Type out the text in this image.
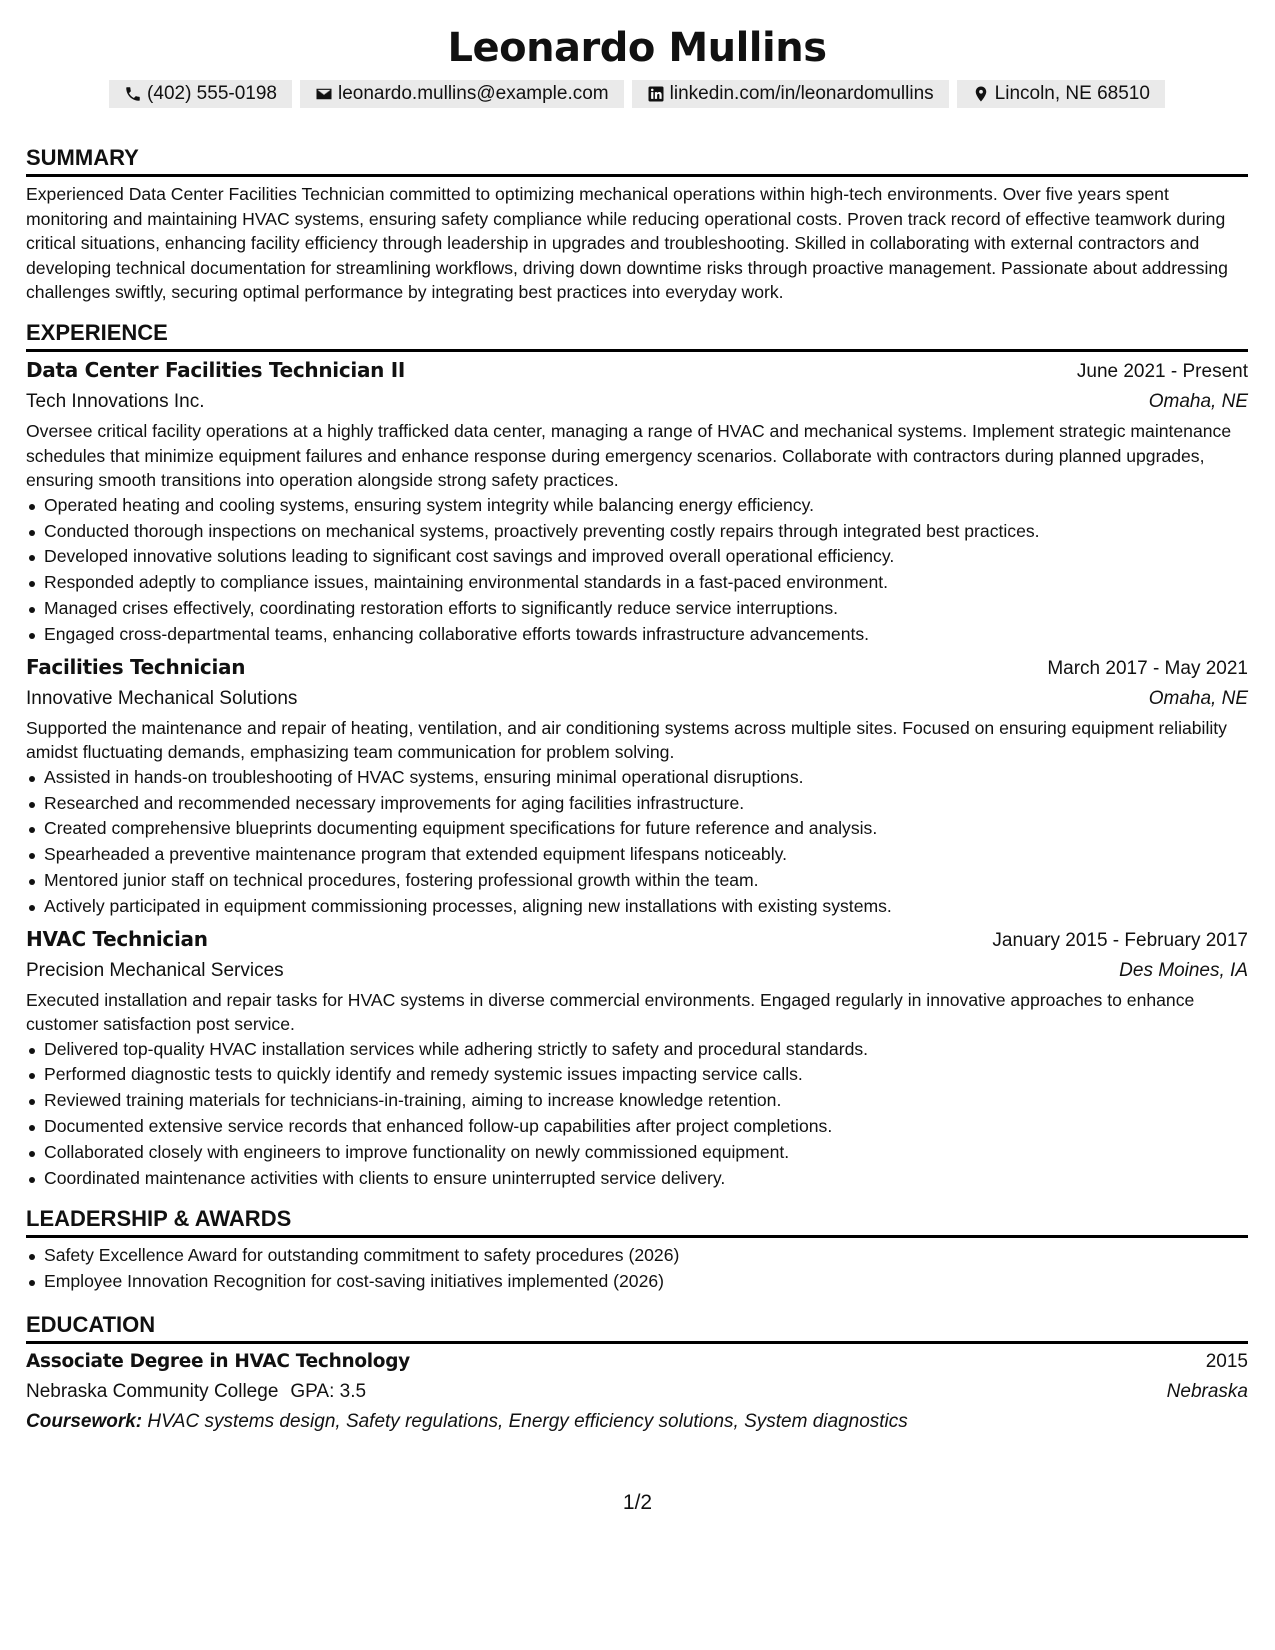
Leonardo Mullins
(402) 555-0198	leonardo.mullins@example.com	linkedin.com/in/leonardomullins	Lincoln, NE 68510
SUMMARY
Experienced Data Center Facilities Technician committed to optimizing mechanical operations within high-tech environments. Over five years spent monitoring and maintaining HVAC systems, ensuring safety compliance while reducing operational costs. Proven track record of effective teamwork during critical situations, enhancing facility efficiency through leadership in upgrades and troubleshooting. Skilled in collaborating with external contractors and developing technical documentation for streamlining workflows, driving down downtime risks through proactive management. Passionate about addressing challenges swiftly, securing optimal performance by integrating best practices into everyday work.
EXPERIENCE
Data Center Facilities Technician II	June 2021 - Present
Tech Innovations Inc.	Omaha, NE
Oversee critical facility operations at a highly trafficked data center, managing a range of HVAC and mechanical systems. Implement strategic maintenance schedules that minimize equipment failures and enhance response during emergency scenarios. Collaborate with contractors during planned upgrades, ensuring smooth transitions into operation alongside strong safety practices.
Operated heating and cooling systems, ensuring system integrity while balancing energy efficiency.
Conducted thorough inspections on mechanical systems, proactively preventing costly repairs through integrated best practices.
Developed innovative solutions leading to significant cost savings and improved overall operational efficiency.
Responded adeptly to compliance issues, maintaining environmental standards in a fast-paced environment.
Managed crises effectively, coordinating restoration efforts to significantly reduce service interruptions.
Engaged cross-departmental teams, enhancing collaborative efforts towards infrastructure advancements.
Facilities Technician	March 2017 - May 2021
Innovative Mechanical Solutions	Omaha, NE
Supported the maintenance and repair of heating, ventilation, and air conditioning systems across multiple sites. Focused on ensuring equipment reliability amidst fluctuating demands, emphasizing team communication for problem solving.
Assisted in hands-on troubleshooting of HVAC systems, ensuring minimal operational disruptions.
Researched and recommended necessary improvements for aging facilities infrastructure.
Created comprehensive blueprints documenting equipment specifications for future reference and analysis.
Spearheaded a preventive maintenance program that extended equipment lifespans noticeably.
Mentored junior staff on technical procedures, fostering professional growth within the team.
Actively participated in equipment commissioning processes, aligning new installations with existing systems.
HVAC Technician	January 2015 - February 2017
Precision Mechanical Services	Des Moines, IA
Executed installation and repair tasks for HVAC systems in diverse commercial environments. Engaged regularly in innovative approaches to enhance customer satisfaction post service.
Delivered top-quality HVAC installation services while adhering strictly to safety and procedural standards.
Performed diagnostic tests to quickly identify and remedy systemic issues impacting service calls.
Reviewed training materials for technicians-in-training, aiming to increase knowledge retention.
Documented extensive service records that enhanced follow-up capabilities after project completions.
Collaborated closely with engineers to improve functionality on newly commissioned equipment.
Coordinated maintenance activities with clients to ensure uninterrupted service delivery.
LEADERSHIP & AWARDS
Safety Excellence Award for outstanding commitment to safety procedures (2026)
Employee Innovation Recognition for cost-saving initiatives implemented (2026)
EDUCATION
Associate Degree in HVAC Technology	2015
Nebraska Community College GPA: 3.5	Nebraska
Coursework: HVAC systems design, Safety regulations, Energy efficiency solutions, System diagnostics
1/2
